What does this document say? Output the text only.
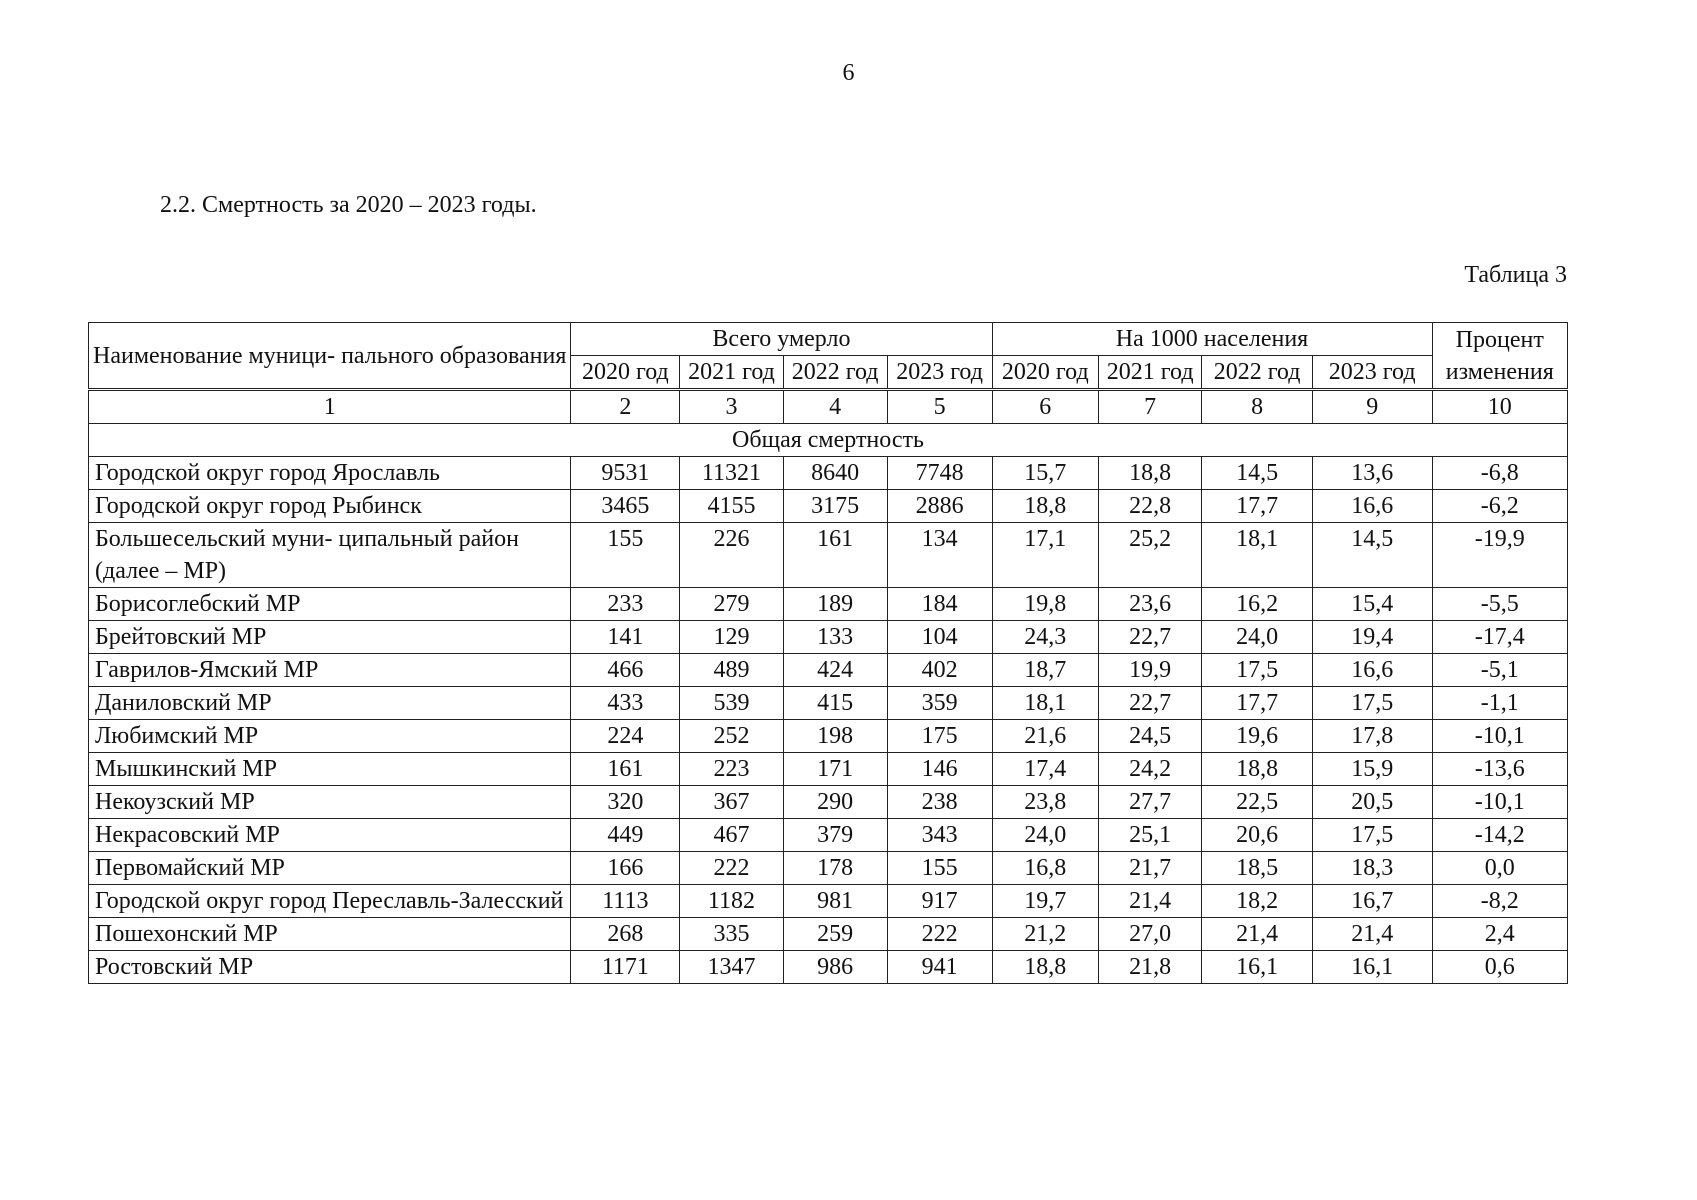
6
2.2. Смертность за 2020 – 2023 годы.
Таблица 3
Наименование муници- пального образования	Всего умерло				На 1000 населения				Процент изменения
	2020 год	2021 год	2022 год	2023 год	2020 год	2021 год	2022 год	2023 год	
1	2	3	4	5	6	7	8	9	10
Общая смертность									
Городской округ город Ярославль	9531	11321	8640	7748	15,7	18,8	14,5	13,6	-6,8
Городской округ город Рыбинск	3465	4155	3175	2886	18,8	22,8	17,7	16,6	-6,2
Большесельский муни- ципальный район (далее – МР)	155	226	161	134	17,1	25,2	18,1	14,5	-19,9
Борисоглебский МР	233	279	189	184	19,8	23,6	16,2	15,4	-5,5
Брейтовский МР	141	129	133	104	24,3	22,7	24,0	19,4	-17,4
Гаврилов-Ямский МР	466	489	424	402	18,7	19,9	17,5	16,6	-5,1
Даниловский МР	433	539	415	359	18,1	22,7	17,7	17,5	-1,1
Любимский МР	224	252	198	175	21,6	24,5	19,6	17,8	-10,1
Мышкинский МР	161	223	171	146	17,4	24,2	18,8	15,9	-13,6
Некоузский МР	320	367	290	238	23,8	27,7	22,5	20,5	-10,1
Некрасовский МР	449	467	379	343	24,0	25,1	20,6	17,5	-14,2
Первомайский МР	166	222	178	155	16,8	21,7	18,5	18,3	0,0
Городской округ город Переславль-Залесский	1113	1182	981	917	19,7	21,4	18,2	16,7	-8,2
Пошехонский МР	268	335	259	222	21,2	27,0	21,4	21,4	2,4
Ростовский МР	1171	1347	986	941	18,8	21,8	16,1	16,1	0,6
